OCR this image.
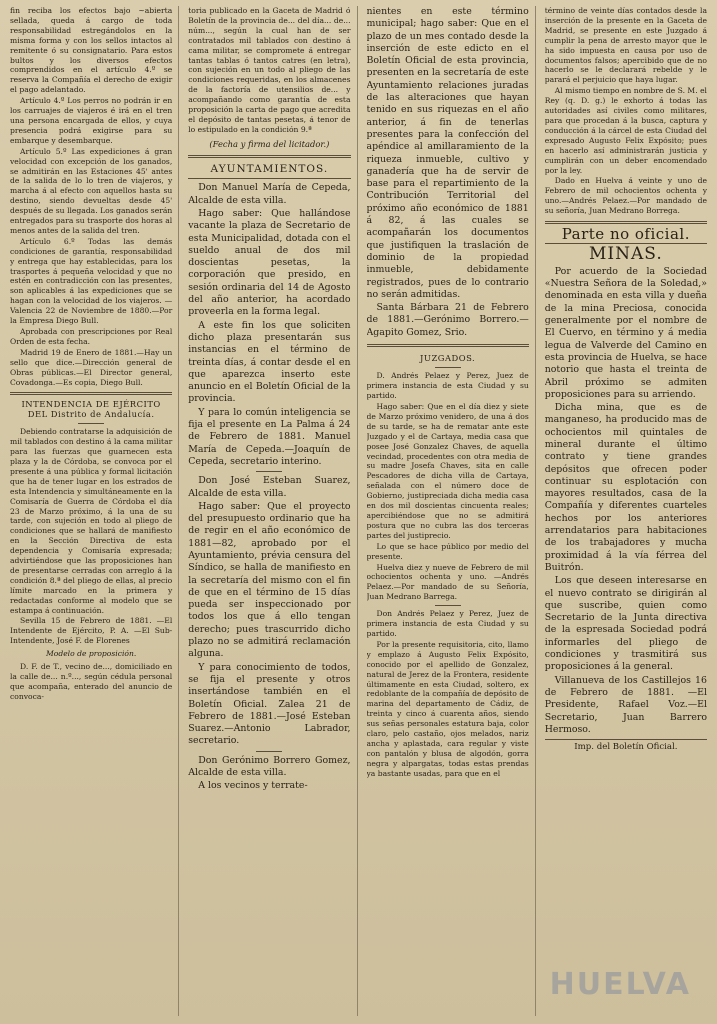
fin reciba los efectos bajo ~abierta sellada, queda á cargo de toda responsabilidad estregándolos en la misma forma y con los sellos intactos al remitente ó su consignatario. Para estos bultos y los diversos efectos comprendidos en el artículo 4.º se reserva la Compañía el derecho de exigir el pago adelantado.

Artículo 4.º Los perros no podrán ir en los carruajes de viajeros é irá en el tren una persona encargada de ellos, y cuya presencia podrá exigirse para su embarque y desembarque.

Artículo 5.º Las expediciones á gran velocidad con excepción de los ganados, se admitirán en las Estaciones 45' antes de la salida de lo lo tren de viajeros, y marcha á al efecto con aquellos hasta su destino, siendo devueltas desde 45' después de su llegada. Los ganados serán entregados para su trasporte dos horas al menos antes de la salida del tren.

Artículo 6.º Todas las demás condiciones de garantía, responsabilidad y entrega que hay establecidas, para los trasportes á pequeña velocidad y que no estén en contradicción con las presentes, son aplicables á las expediciones que se hagan con la velocidad de los viajeros. —Valencia 22 de Noviembre de 1880.—Por la Empresa Diego Bull.

Aprobada con prescripciones por Real Orden de esta fecha.

Madrid 19 de Enero de 1881.—Hay un sello que dice.—Dirección general de Obras públicas.—El Director general, Covadonga.—Es copia, Diego Bull.

INTENDENCIA DE EJÉRCITO DEL Distrito de Andalucía.

Debiendo contratarse la adquisición de mil tablados con destino á la cama militar para las fuerzas que guarnecen esta plaza y la de Córdoba, se convoca por el presente á una pública y formal licitación que ha de tener lugar en los estrados de esta Intendencia y simultáneamente en la Comisaría de Guerra de Córdoba el día 23 de Marzo próximo, á la una de su tarde, con sujeción en todo al pliego de condiciones que se hallará de manifiesto en la Sección Directiva de esta dependencia y Comisaría expresada; advirtiéndose que las proposiciones han de presentarse cerradas con arreglo á la condición 8.ª del pliego de ellas, al precio límite marcado en la primera y redactadas conforme al modelo que se estampa á continuación.

Sevilla 15 de Febrero de 1881. —El Intendente de Ejército, P. A. —El Sub-Intendente, José F. de Florenes

Modelo de proposición.

D. F. de T., vecino de..., domiciliado en la calle de... n.º..., según cédula personal que acompaña, enterado del anuncio de convoca-

toria publicado en la Gaceta de Madrid ó Boletín de la provincia de... del día... de... núm..., según la cual han de ser contratados mil tablados con destino á cama militar, se compromete á entregar tantas tablas ó tantos catres (en letra), con sujeción en un todo al pliego de las condiciones requeridas, en los almacenes de la factoría de utensilios de... y acompañando como garantía de esta proposición la carta de pago que acredita el depósito de tantas pesetas, á tenor de lo estipulado en la condición 9.ª

(Fecha y firma del licitador.)
AYUNTAMIENTOS.

Don Manuel María de Cepeda, Alcalde de esta villa.

Hago saber: Que hallándose vacante la plaza de Secretario de esta Municipalidad, dotada con el sueldo anual de dos mil doscientas pesetas, la corporación que presido, en sesión ordinaria del 14 de Agosto del año anterior, ha acordado proveerla en la forma legal.

A este fin los que soliciten dicho plaza presentarán sus instancias en el término de treinta días, á contar desde el en que aparezca inserto este anuncio en el Boletín Oficial de la provincia.

Y para lo común inteligencia se fija el presente en La Palma á 24 de Febrero de 1881. Manuel María de Cepeda.—Joaquín de Cepeda, secretario interino.

Don José Esteban Suarez, Alcalde de esta villa.

Hago saber: Que el proyecto del presupuesto ordinario que ha de regir en el año económico de 1881—82, aprobado por el Ayuntamiento, prévia censura del Síndico, se halla de manifiesto en la secretaría del mismo con el fin de que en el término de 15 días pueda ser inspeccionado por todos los que á ello tengan derecho; pues trascurrido dicho plazo no se admitirá reclamación alguna.

Y para conocimiento de todos, se fija el presente y otros insertándose también en el Boletín Oficial. Zalea 21 de Febrero de 1881.—José Esteban Suarez.—Antonio Labrador, secretario.

Don Gerónimo Borrero Gomez, Alcalde de esta villa.

A los vecinos y terrate-

nientes en este término municipal; hago saber: Que en el plazo de un mes contado desde la inserción de este edicto en el Boletín Oficial de esta provincia, presenten en la secretaría de este Ayuntamiento relaciones juradas de las alteraciones que hayan tenido en sus riquezas en el año anterior, á fin de tenerlas presentes para la confección del apéndice al amillaramiento de la riqueza inmueble, cultivo y ganadería que ha de servir de base para el repartimiento de la Contribución Territorial del próximo año económico de 1881 á 82, á las cuales se acompañarán los documentos que justifiquen la traslación de dominio de la propiedad inmueble, debidamente registrados, pues de lo contrario no serán admitidas.

Santa Bárbara 21 de Febrero de 1881.—Gerónimo Borrero.—Agapito Gomez, Srio.

JUZGADOS.

D. Andrés Pelaez y Perez, Juez de primera instancia de esta Ciudad y su partido.

Hago saber: Que en el día diez y siete de Marzo próximo venidero, de una á dos de su tarde, se ha de rematar ante este Juzgado y el de Cartaya, media casa que posee José Gonzalez Chaves, de aquella vecindad, procedentes con otra media de su madre Josefa Chaves, sita en calle Pescadores de dicha villa de Cartaya, señalada con el número doce de Gobierno, justipreciada dicha media casa en dos mil doscientas cincuenta reales; apercibiéndose que no se admitirá postura que no cubra las dos terceras partes del justiprecio.

Lo que se hace público por medio del presente.

Huelva diez y nueve de Febrero de mil ochocientos ochenta y uno. —Andrés Pelaez.—Por mandado de su Señoría, Juan Medrano Barrega.

Don Andrés Pelaez y Perez, Juez de primera instancia de esta Ciudad y su partido.

Por la presente requisitoria, cito, llamo y emplazo á Augusto Felix Expósito, conocido por el apellido de Gonzalez, natural de Jerez de la Frontera, residente últimamente en esta Ciudad, soltero, ex redoblante de la compañía de depósito de marina del departamento de Cádiz, de treinta y cinco á cuarenta años, siendo sus señas personales estatura baja, color claro, pelo castaño, ojos melados, nariz ancha y aplastada, cara regular y viste con pantalón y blusa de algodón, gorra negra y alpargatas, todas estas prendas ya bastante usadas, para que en el

término de veinte días contados desde la inserción de la presente en la Gaceta de Madrid, se presente en este Juzgado á cumplir la pena de arresto mayor que le ha sido impuesta en causa por uso de documentos falsos; apercibido que de no hacerlo se le declarará rebelde y le parará el perjuicio que haya lugar.

Al mismo tiempo en nombre de S. M. el Rey (q. D. g.) le exhorto á todas las autoridades así civiles como militares, para que procedan á la busca, captura y conducción á la cárcel de esta Ciudad del expresado Augusto Felix Expósito; pues en hacerlo así administrarán justicia y cumplirán con un deber encomendado por la ley.

Dado en Huelva á veinte y uno de Febrero de mil ochocientos ochenta y uno.—Andrés Pelaez.—Por mandado de su señoría, Juan Medrano Borrega.

Parte no oficial.
MINAS.

Por acuerdo de la Sociedad «Nuestra Señora de la Soledad,» denominada en esta villa y dueña de la mina Preciosa, conocida generalmente por el nombre de El Cuervo, en término y á media legua de Valverde del Camino en esta provincia de Huelva, se hace notorio que hasta el treinta de Abril próximo se admiten proposiciones para su arriendo.

Dicha mina, que es de manganeso, ha producido mas de ochocientos mil quintales de mineral durante el último contrato y tiene grandes depósitos que ofrecen poder continuar su esplotación con mayores resultados, casa de la Compañía y diferentes cuarteles hechos por los anteriores arrendatarios para habitaciones de los trabajadores y mucha proximidad á la vía férrea del Buitrón.

Los que deseen interesarse en el nuevo contrato se dirigirán al que suscribe, quien como Secretario de la Junta directiva de la espresada Sociedad podrá informarles del pliego de condiciones y trasmitirá sus proposiciones á la general.

Villanueva de los Castillejos 16 de Febrero de 1881. —El Presidente, Rafael Voz.—El Secretario, Juan Barrero Hermoso.

Imp. del Boletín Oficial.
HUELVA
